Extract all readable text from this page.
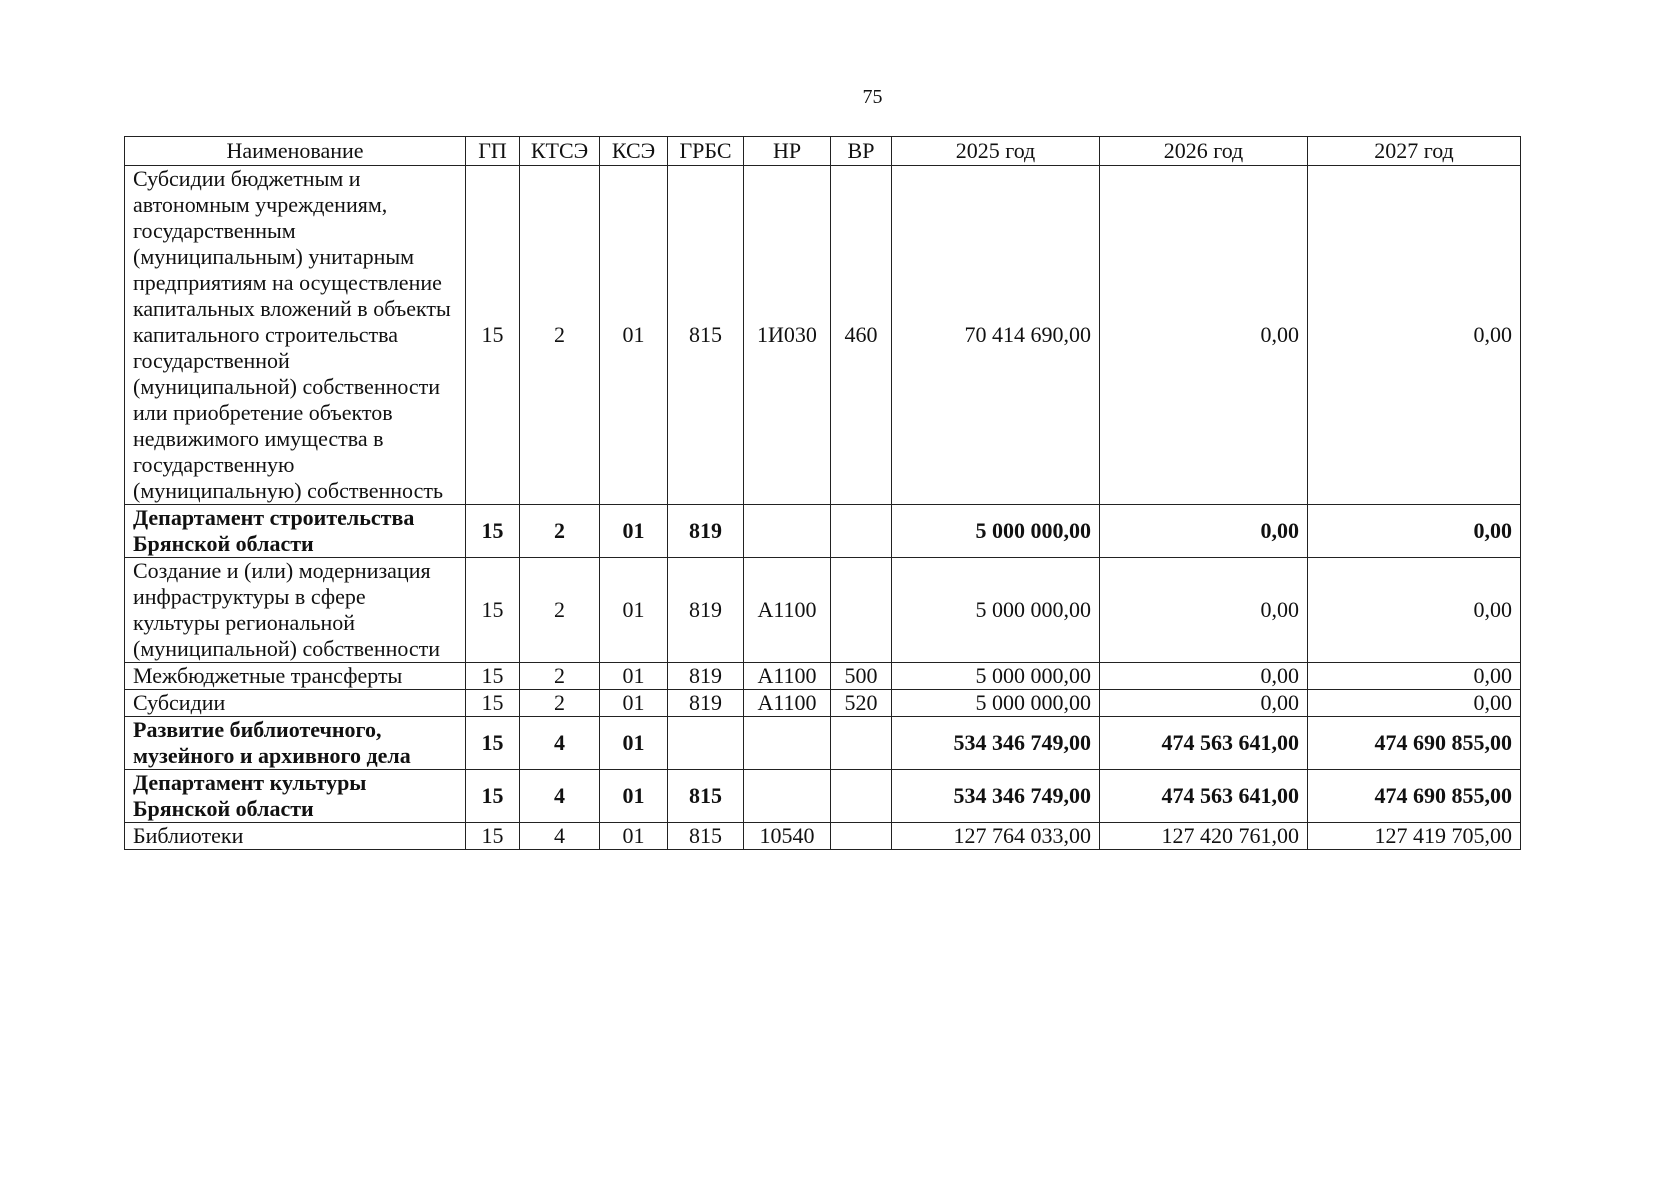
75
Наименование	ГП	КТСЭ	КСЭ	ГРБС	НР	ВР	2025 год	2026 год	2027 год
Субсидии бюджетным и автономным учреждениям, государственным (муниципальным) унитарным предприятиям на осуществление капитальных вложений в объекты капитального строительства государственной (муниципальной) собственности или приобретение объектов недвижимого имущества в государственную (муниципальную) собственность	15	2	01	815	1И030	460	70 414 690,00	0,00	0,00
Департамент строительства Брянской области	15	2	01	819			5 000 000,00	0,00	0,00
Создание и (или) модернизация инфраструктуры в сфере культуры региональной (муниципальной) собственности	15	2	01	819	А1100		5 000 000,00	0,00	0,00
Межбюджетные трансферты	15	2	01	819	А1100	500	5 000 000,00	0,00	0,00
Субсидии	15	2	01	819	А1100	520	5 000 000,00	0,00	0,00
Развитие библиотечного, музейного и архивного дела	15	4	01				534 346 749,00	474 563 641,00	474 690 855,00
Департамент культуры Брянской области	15	4	01	815			534 346 749,00	474 563 641,00	474 690 855,00
Библиотеки	15	4	01	815	10540		127 764 033,00	127 420 761,00	127 419 705,00
